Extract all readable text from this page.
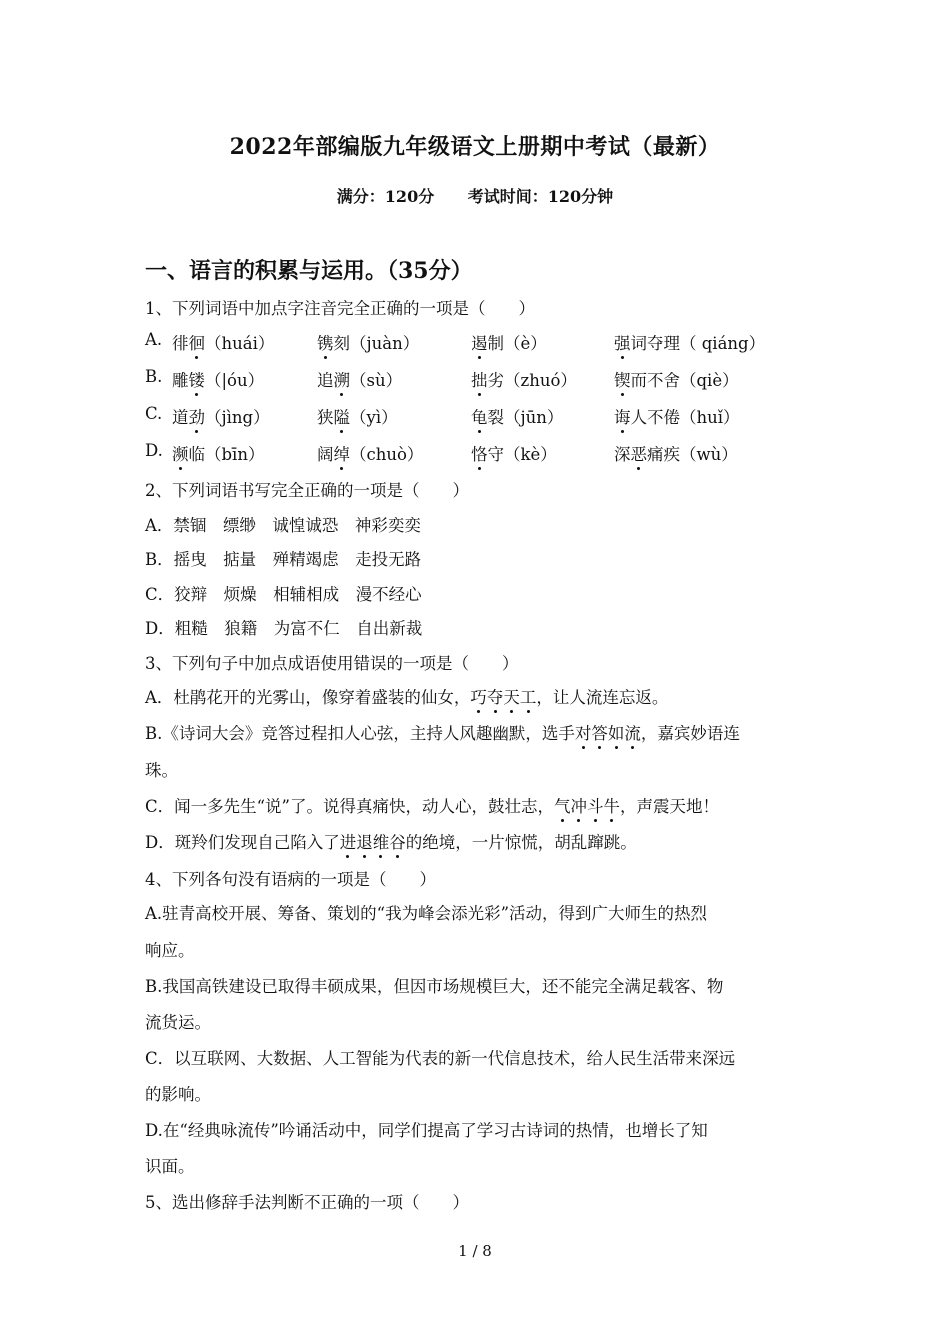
2022年部编版九年级语文上册期中考试（最新）
满分：120分 考试时间：120分钟
一、语言的积累与运用。（35分）
1、下列词语中加点字注音完全正确的一项是（　　）
A. 徘徊（huái）	镌刻（juàn）	遏制（è）	强词夺理（ qiáng）
B. 雕镂（|óu）	追溯（sù）	拙劣（zhuó） 锲而不舍（qiè）
C. 道劲（jìng）	狭隘（yì）	龟裂（jūn）	诲人不倦（huǐ）
D. 濒临（bīn）	阔绰（chuò）	恪守（kè）	深恶痛疾（wù）
2、下列词语书写完全正确的一项是（　　）
A．禁锢　缥缈　诚惶诚恐　神彩奕奕
B．摇曳　掂量　殚精竭虑　走投无路
C．狡辩　烦燥　相辅相成　漫不经心
D．粗糙　狼籍　为富不仁　自出新裁
3、下列句子中加点成语使用错误的一项是（　　）
A．杜鹃花开的光雾山，像穿着盛装的仙女，巧夺天工，让人流连忘返。
B.《诗词大会》竞答过程扣人心弦，主持人风趣幽默，选手对答如流，嘉宾妙语连
珠。
C．闻一多先生“说”了。说得真痛快，动人心，鼓壮志，气冲斗牛，声震天地！
D．斑羚们发现自己陷入了进退维谷的绝境，一片惊慌，胡乱蹿跳。
4、下列各句没有语病的一项是（　　）
A.驻青高校开展、筹备、策划的“我为峰会添光彩”活动，得到广大师生的热烈
响应。
B.我国高铁建设已取得丰硕成果，但因市场规模巨大，还不能完全满足载客、物
流货运。
C．以互联网、大数据、人工智能为代表的新一代信息技术，给人民生活带来深远
的影响。
D.在“经典咏流传”吟诵活动中，同学们提高了学习古诗词的热情，也增长了知
识面。
5、选出修辞手法判断不正确的一项（　　）
1 / 8
